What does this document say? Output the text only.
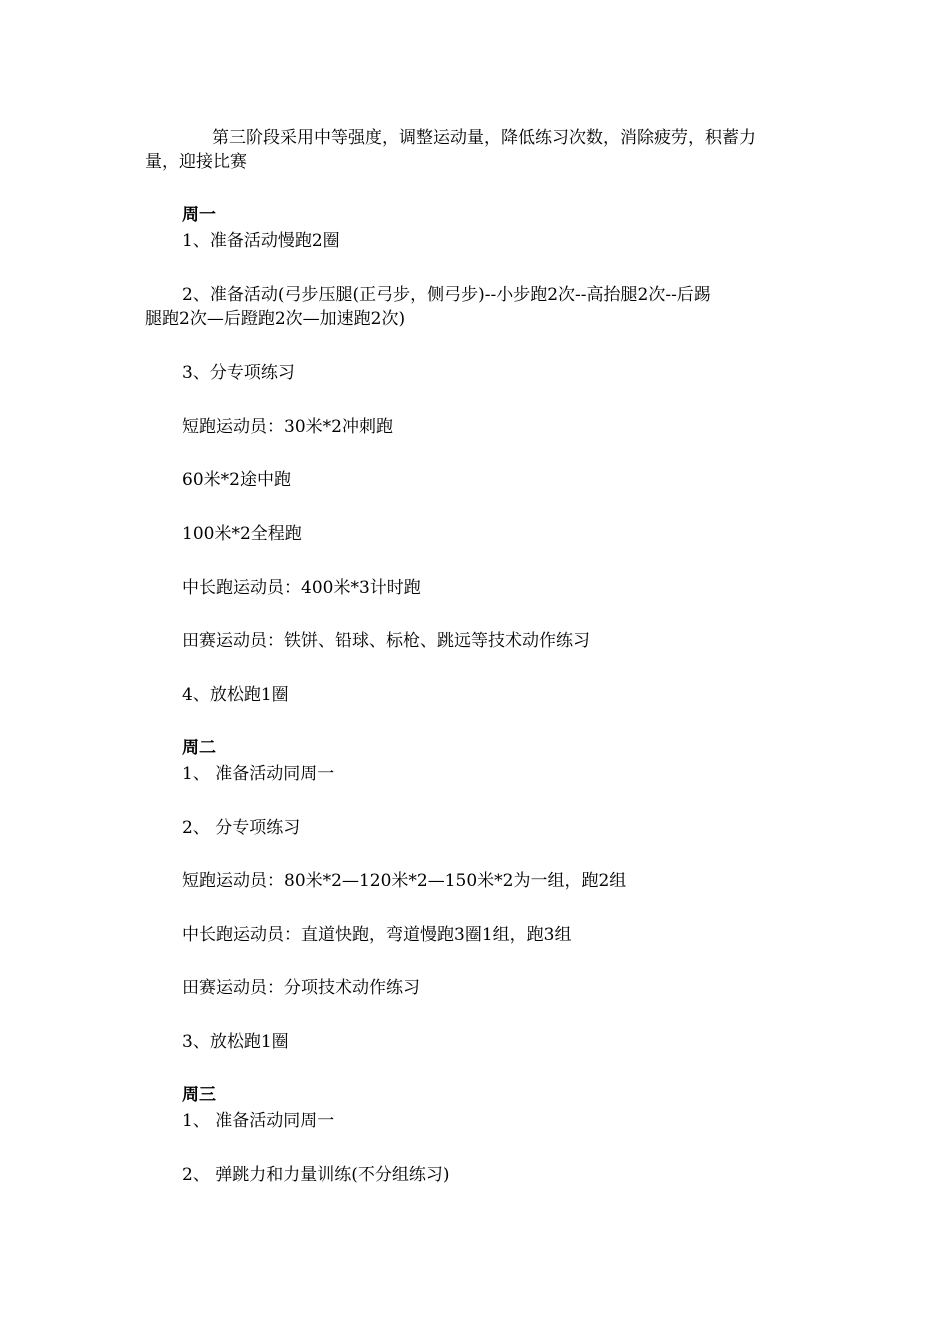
第三阶段采用中等强度，调整运动量，降低练习次数，消除疲劳，积蓄力
量，迎接比赛
周一
1、准备活动慢跑2圈
2、准备活动(弓步压腿(正弓步，侧弓步)--小步跑2次--高抬腿2次--后踢
腿跑2次—后蹬跑2次—加速跑2次)
3、分专项练习
短跑运动员：30米*2冲刺跑
60米*2途中跑
100米*2全程跑
中长跑运动员：400米*3计时跑
田赛运动员：铁饼、铅球、标枪、跳远等技术动作练习
4、放松跑1圈
周二
1、 准备活动同周一
2、 分专项练习
短跑运动员：80米*2—120米*2—150米*2为一组，跑2组
中长跑运动员：直道快跑，弯道慢跑3圈1组，跑3组
田赛运动员：分项技术动作练习
3、放松跑1圈
周三
1、 准备活动同周一
2、 弹跳力和力量训练(不分组练习)
